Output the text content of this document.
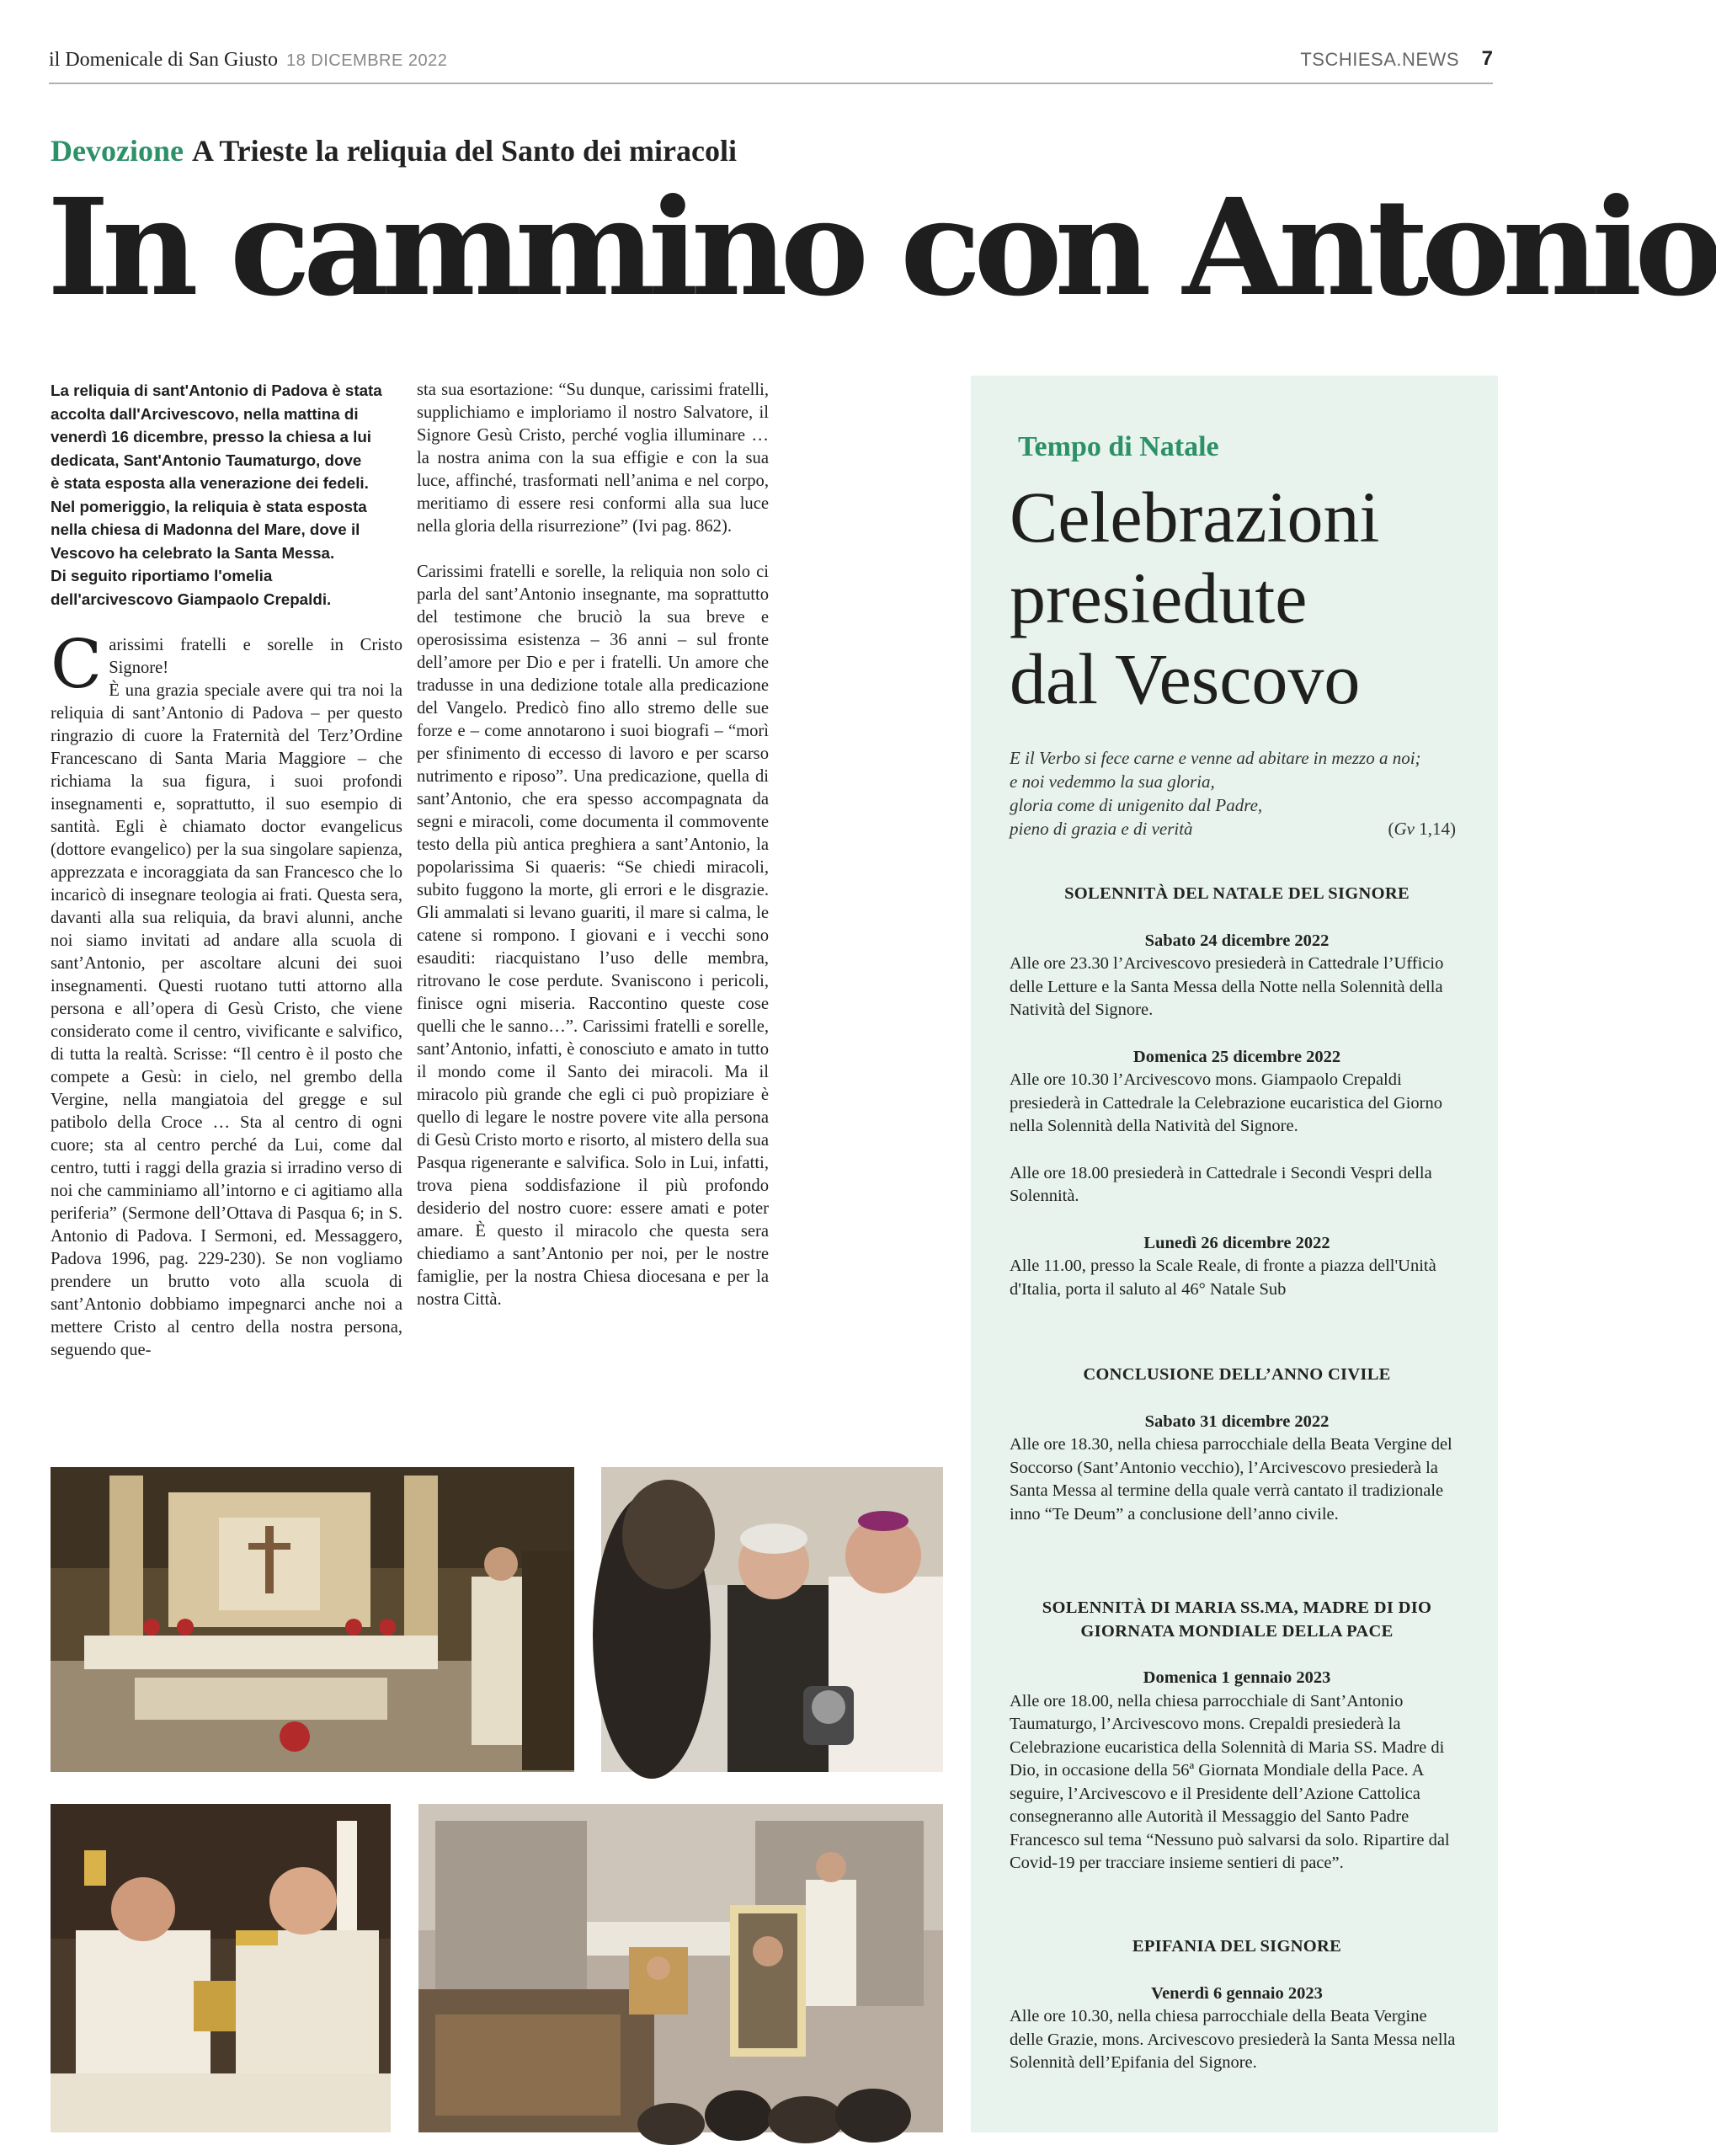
il Domenicale di San Giusto 18 DICEMBRE 2022	TSCHIESA.NEWS 7
Devozione A Trieste la reliquia del Santo dei miracoli
In cammino con Antonio
La reliquia di sant'Antonio di Padova è stata
accolta dall'Arcivescovo, nella mattina di
venerdì 16 dicembre, presso la chiesa a lui
dedicata, Sant'Antonio Taumaturgo, dove
è stata esposta alla venerazione dei fedeli.
Nel pomeriggio, la reliquia è stata esposta
nella chiesa di Madonna del Mare, dove il
Vescovo ha celebrato la Santa Messa.
Di seguito riportiamo l'omelia
dell'arcivescovo Giampaolo Crepaldi.

Carissimi fratelli e sorelle in Cristo Signore!

È una grazia speciale avere qui tra noi la reliquia di sant’Antonio di Padova – per questo ringrazio di cuore la Fraternità del Terz’Ordine Francescano di Santa Maria Maggiore – che richiama la sua figura, i suoi profondi insegnamenti e, soprattutto, il suo esempio di santità. Egli è chiamato doctor evangelicus (dottore evangelico) per la sua singolare sapienza, apprezzata e incoraggiata da san Francesco che lo incaricò di insegnare teologia ai frati. Questa sera, davanti alla sua reliquia, da bravi alunni, anche noi siamo invitati ad andare alla scuola di sant’Antonio, per ascoltare alcuni dei suoi insegnamenti. Questi ruotano tutti attorno alla persona e all’opera di Gesù Cristo, che viene considerato come il centro, vivificante e salvifico, di tutta la realtà. Scrisse: “Il centro è il posto che compete a Gesù: in cielo, nel grembo della Vergine, nella mangiatoia del gregge e sul patibolo della Croce … Sta al centro di ogni cuore; sta al centro perché da Lui, come dal centro, tutti i raggi della grazia si irradino verso di noi che camminiamo all’intorno e ci agitiamo alla periferia” (Sermone dell’Ottava di Pasqua 6; in S. Antonio di Padova. I Sermoni, ed. Messaggero, Padova 1996, pag. 229-230). Se non vogliamo prendere un brutto voto alla scuola di sant’Antonio dobbiamo impegnarci anche noi a mettere Cristo al centro della nostra persona, seguendo que-

sta sua esortazione: “Su dunque, carissimi fratelli, supplichiamo e imploriamo il nostro Salvatore, il Signore Gesù Cristo, perché voglia illuminare … la nostra anima con la sua effigie e con la sua luce, affinché, trasformati nell’anima e nel corpo, meritiamo di essere resi conformi alla sua luce nella gloria della risurrezione” (Ivi pag. 862).

Carissimi fratelli e sorelle, la reliquia non solo ci parla del sant’Antonio insegnante, ma soprattutto del testimone che bruciò la sua breve e operosissima esistenza – 36 anni – sul fronte dell’amore per Dio e per i fratelli. Un amore che tradusse in una dedizione totale alla predicazione del Vangelo. Predicò fino allo stremo delle sue forze e – come annotarono i suoi biografi – “morì per sfinimento di eccesso di lavoro e per scarso nutrimento e riposo”. Una predicazione, quella di sant’Antonio, che era spesso accompagnata da segni e miracoli, come documenta il commovente testo della più antica preghiera a sant’Antonio, la popolarissima Si quaeris: “Se chiedi miracoli, subito fuggono la morte, gli errori e le disgrazie. Gli ammalati si levano guariti, il mare si calma, le catene si rompono. I giovani e i vecchi sono esauditi: riacquistano l’uso delle membra, ritrovano le cose perdute. Svaniscono i pericoli, finisce ogni miseria. Raccontino queste cose quelli che le sanno…”. Carissimi fratelli e sorelle, sant’Antonio, infatti, è conosciuto e amato in tutto il mondo come il Santo dei miracoli. Ma il miracolo più grande che egli ci può propiziare è quello di legare le nostre povere vite alla persona di Gesù Cristo morto e risorto, al mistero della sua Pasqua rigenerante e salvifica. Solo in Lui, infatti, trova piena soddisfazione il più profondo desiderio del nostro cuore: essere amati e poter amare. È questo il miracolo che questa sera chiediamo a sant’Antonio per noi, per le nostre famiglie, per la nostra Chiesa diocesana e per la nostra Città.

Tempo di Natale
Celebrazioni
presiedute
dal Vescovo
E il Verbo si fece carne e venne ad abitare in mezzo a noi;
e noi vedemmo la sua gloria,
gloria come di unigenito dal Padre,
pieno di grazia e di verità	(Gv 1,14)
SOLENNITÀ DEL NATALE DEL SIGNORE
Sabato 24 dicembre 2022

Alle ore 23.30 l’Arcivescovo presiederà in Cattedrale l’Ufficio delle Letture e la Santa Messa della Notte nella Solennità della Natività del Signore.

Domenica 25 dicembre 2022

Alle ore 10.30 l’Arcivescovo mons. Giampaolo Crepaldi presiederà in Cattedrale la Celebrazione eucaristica del Giorno nella Solennità della Natività del Signore.

Alle ore 18.00 presiederà in Cattedrale i Secondi Vespri della Solennità.

Lunedì 26 dicembre 2022

Alle 11.00, presso la Scale Reale, di fronte a piazza dell'Unità d'Italia, porta il saluto al 46° Natale Sub

CONCLUSIONE DELL’ANNO CIVILE
Sabato 31 dicembre 2022

Alle ore 18.30, nella chiesa parrocchiale della Beata Vergine del Soccorso (Sant’Antonio vecchio), l’Arcivescovo presiederà la Santa Messa al termine della quale verrà cantato il tradizionale inno “Te Deum” a conclusione dell’anno civile.

SOLENNITÀ DI MARIA SS.MA, MADRE DI DIO
GIORNATA MONDIALE DELLA PACE
Domenica 1 gennaio 2023

Alle ore 18.00, nella chiesa parrocchiale di Sant’Antonio Taumaturgo, l’Arcivescovo mons. Crepaldi presiederà la Celebrazione eucaristica della Solennità di Maria SS. Madre di Dio, in occasione della 56ª Giornata Mondiale della Pace. A seguire, l’Arcivescovo e il Presidente dell’Azione Cattolica consegneranno alle Autorità il Messaggio del Santo Padre Francesco sul tema “Nessuno può salvarsi da solo. Ripartire dal Covid-19 per tracciare insieme sentieri di pace”.

EPIFANIA DEL SIGNORE
Venerdì 6 gennaio 2023

Alle ore 10.30, nella chiesa parrocchiale della Beata Vergine delle Grazie, mons. Arcivescovo presiederà la Santa Messa nella Solennità dell’Epifania del Signore.
